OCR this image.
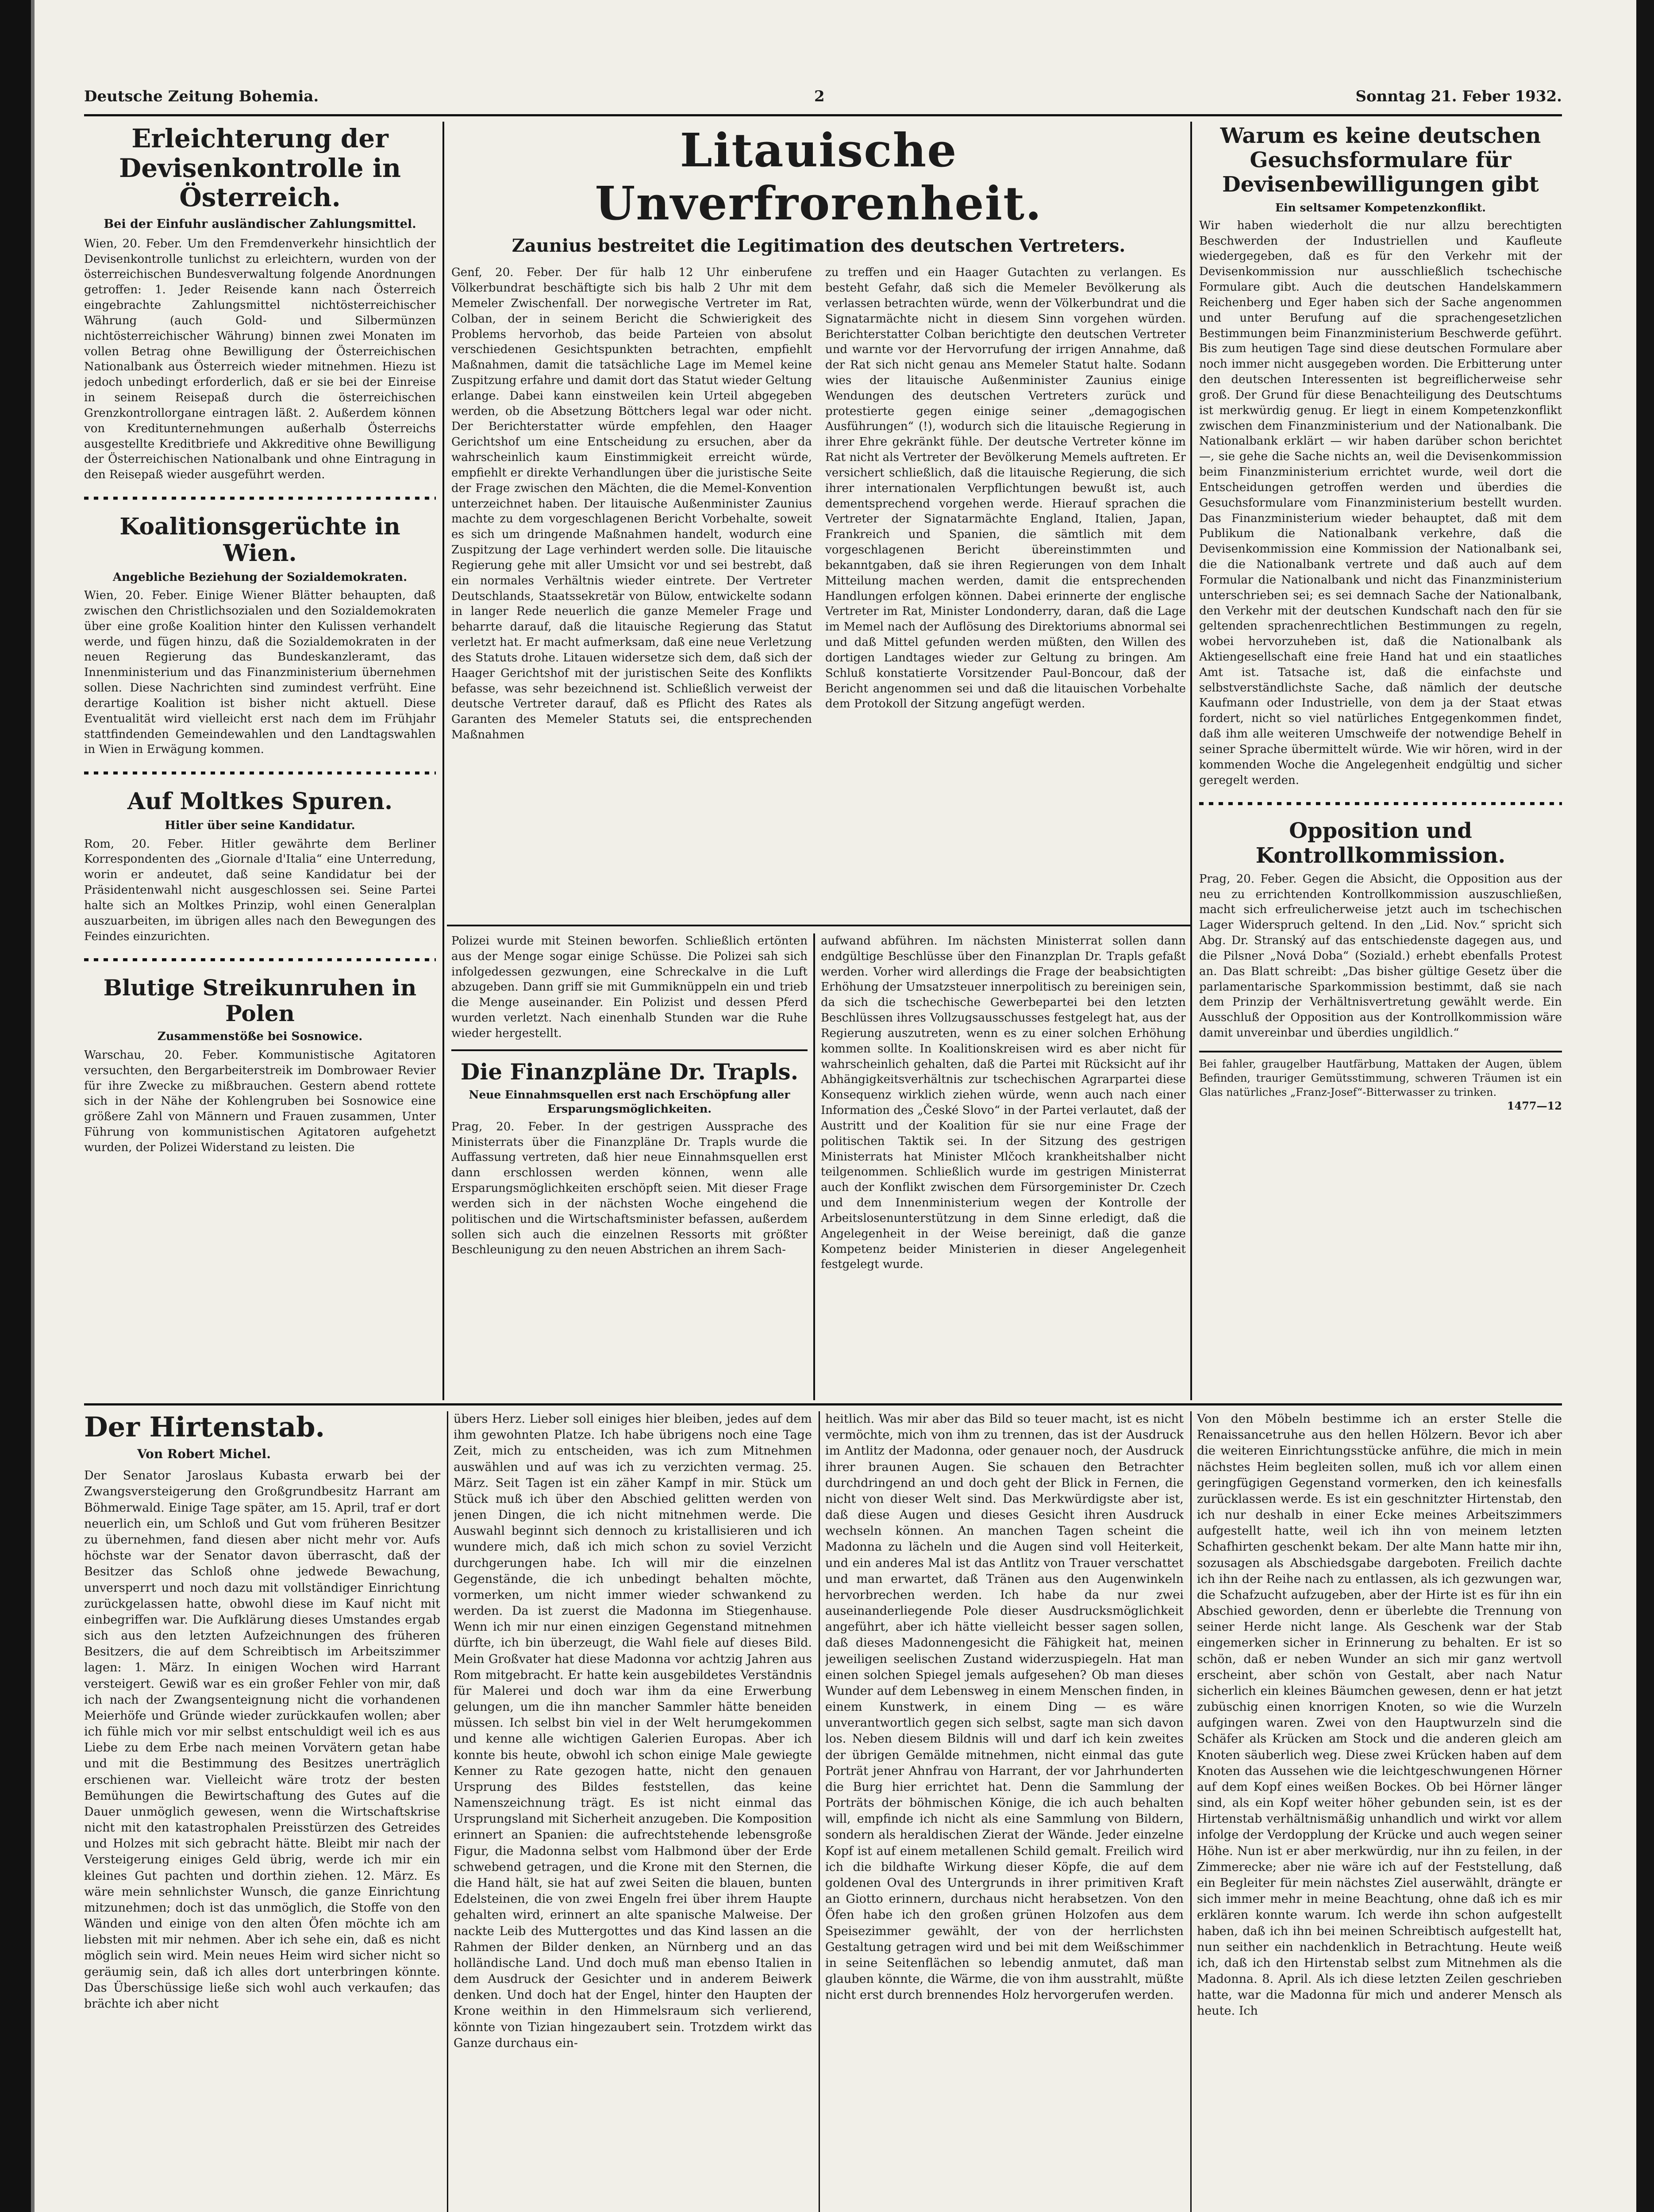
Deutsche Zeitung Bohemia.	2	Sonntag 21. Feber 1932.
Erleichterung der Devisenkontrolle in Österreich.
Bei der Einfuhr ausländischer Zahlungsmittel.

Wien, 20. Feber. Um den Fremdenverkehr hinsichtlich der Devisenkontrolle tunlichst zu erleichtern, wurden von der österreichischen Bundesverwaltung folgende Anordnungen getroffen: 1. Jeder Reisende kann nach Österreich eingebrachte Zahlungsmittel nichtösterreichischer Währung (auch Gold- und Silbermünzen nichtösterreichischer Währung) binnen zwei Monaten im vollen Betrag ohne Bewilligung der Österreichischen Nationalbank aus Österreich wieder mitnehmen. Hiezu ist jedoch unbedingt erforderlich, daß er sie bei der Einreise in seinem Reisepaß durch die österreichischen Grenzkontrollorgane eintragen läßt. 2. Außerdem können von Kreditunternehmungen außerhalb Österreichs ausgestellte Kreditbriefe und Akkreditive ohne Bewilligung der Österreichischen Nationalbank und ohne Eintragung in den Reisepaß wieder ausgeführt werden.

Koalitionsgerüchte in Wien.
Angebliche Beziehung der Sozialdemokraten.

Wien, 20. Feber. Einige Wiener Blätter behaupten, daß zwischen den Christlichsozialen und den Sozialdemokraten über eine große Koalition hinter den Kulissen verhandelt werde, und fügen hinzu, daß die Sozialdemokraten in der neuen Regierung das Bundeskanzleramt, das Innenministerium und das Finanzministerium übernehmen sollen. Diese Nachrichten sind zumindest verfrüht. Eine derartige Koalition ist bisher nicht aktuell. Diese Eventualität wird vielleicht erst nach dem im Frühjahr stattfindenden Gemeindewahlen und den Landtagswahlen in Wien in Erwägung kommen.

Auf Moltkes Spuren.
Hitler über seine Kandidatur.

Rom, 20. Feber. Hitler gewährte dem Berliner Korrespondenten des „Giornale d'Italia“ eine Unterredung, worin er andeutet, daß seine Kandidatur bei der Präsidentenwahl nicht ausgeschlossen sei. Seine Partei halte sich an Moltkes Prinzip, wohl einen Generalplan auszuarbeiten, im übrigen alles nach den Bewegungen des Feindes einzurichten.

Blutige Streikunruhen in Polen
Zusammenstöße bei Sosnowice.

Warschau, 20. Feber. Kommunistische Agitatoren versuchten, den Bergarbeiterstreik im Dombrowaer Revier für ihre Zwecke zu mißbrauchen. Gestern abend rottete sich in der Nähe der Kohlengruben bei Sosnowice eine größere Zahl von Männern und Frauen zusammen, Unter Führung von kommunistischen Agitatoren aufgehetzt wurden, der Polizei Widerstand zu leisten. Die

Litauische Unverfrorenheit.
Zaunius bestreitet die Legitimation des deutschen Vertreters.

Genf, 20. Feber. Der für halb 12 Uhr einberufene Völkerbundrat beschäftigte sich bis halb 2 Uhr mit dem Memeler Zwischenfall. Der norwegische Vertreter im Rat, Colban, der in seinem Bericht die Schwierigkeit des Problems hervorhob, das beide Parteien von absolut verschiedenen Gesichtspunkten betrachten, empfiehlt Maßnahmen, damit die tatsächliche Lage im Memel keine Zuspitzung erfahre und damit dort das Statut wieder Geltung erlange. Dabei kann einstweilen kein Urteil abgegeben werden, ob die Absetzung Böttchers legal war oder nicht. Der Berichterstatter würde empfehlen, den Haager Gerichtshof um eine Entscheidung zu ersuchen, aber da wahrscheinlich kaum Einstimmigkeit erreicht würde, empfiehlt er direkte Verhandlungen über die juristische Seite der Frage zwischen den Mächten, die die Memel-Konvention unterzeichnet haben. Der litauische Außenminister Zaunius machte zu dem vorgeschlagenen Bericht Vorbehalte, soweit es sich um dringende Maßnahmen handelt, wodurch eine Zuspitzung der Lage verhindert werden solle. Die litauische Regierung gehe mit aller Umsicht vor und sei bestrebt, daß ein normales Verhältnis wieder eintrete. Der Vertreter Deutschlands, Staatssekretär von Bülow, entwickelte sodann in langer Rede neuerlich die ganze Memeler Frage und beharrte darauf, daß die litauische Regierung das Statut verletzt hat. Er macht aufmerksam, daß eine neue Verletzung des Statuts drohe. Litauen widersetze sich dem, daß sich der Haager Gerichtshof mit der juristischen Seite des Konflikts befasse, was sehr bezeichnend ist. Schließlich verweist der deutsche Vertreter darauf, daß es Pflicht des Rates als Garanten des Memeler Statuts sei, die entsprechenden Maßnahmen

zu treffen und ein Haager Gutachten zu verlangen. Es besteht Gefahr, daß sich die Memeler Bevölkerung als verlassen betrachten würde, wenn der Völkerbundrat und die Signatarmächte nicht in diesem Sinn vorgehen würden. Berichterstatter Colban berichtigte den deutschen Vertreter und warnte vor der Hervorrufung der irrigen Annahme, daß der Rat sich nicht genau ans Memeler Statut halte. Sodann wies der litauische Außenminister Zaunius einige Wendungen des deutschen Vertreters zurück und protestierte gegen einige seiner „demagogischen Ausführungen“ (!), wodurch sich die litauische Regierung in ihrer Ehre gekränkt fühle. Der deutsche Vertreter könne im Rat nicht als Vertreter der Bevölkerung Memels auftreten. Er versichert schließlich, daß die litauische Regierung, die sich ihrer internationalen Verpflichtungen bewußt ist, auch dementsprechend vorgehen werde. Hierauf sprachen die Vertreter der Signatarmächte England, Italien, Japan, Frankreich und Spanien, die sämtlich mit dem vorgeschlagenen Bericht übereinstimmten und bekanntgaben, daß sie ihren Regierungen von dem Inhalt Mitteilung machen werden, damit die entsprechenden Handlungen erfolgen können. Dabei erinnerte der englische Vertreter im Rat, Minister Londonderry, daran, daß die Lage im Memel nach der Auflösung des Direktoriums abnormal sei und daß Mittel gefunden werden müßten, den Willen des dortigen Landtages wieder zur Geltung zu bringen. Am Schluß konstatierte Vorsitzender Paul-Boncour, daß der Bericht angenommen sei und daß die litauischen Vorbehalte dem Protokoll der Sitzung angefügt werden.

Polizei wurde mit Steinen beworfen. Schließlich ertönten aus der Menge sogar einige Schüsse. Die Polizei sah sich infolgedessen gezwungen, eine Schreckalve in die Luft abzugeben. Dann griff sie mit Gummiknüppeln ein und trieb die Menge auseinander. Ein Polizist und dessen Pferd wurden verletzt. Nach einenhalb Stunden war die Ruhe wieder hergestellt.

Die Finanzpläne Dr. Trapls.
Neue Einnahmsquellen erst nach Erschöpfung aller Ersparungsmöglichkeiten.

Prag, 20. Feber. In der gestrigen Aussprache des Ministerrats über die Finanzpläne Dr. Trapls wurde die Auffassung vertreten, daß hier neue Einnahmsquellen erst dann erschlossen werden können, wenn alle Ersparungsmöglichkeiten erschöpft seien. Mit dieser Frage werden sich in der nächsten Woche eingehend die politischen und die Wirtschaftsminister befassen, außerdem sollen sich auch die einzelnen Ressorts mit größter Beschleunigung zu den neuen Abstrichen an ihrem Sach-

aufwand abführen. Im nächsten Ministerrat sollen dann endgültige Beschlüsse über den Finanzplan Dr. Trapls gefaßt werden. Vorher wird allerdings die Frage der beabsichtigten Erhöhung der Umsatzsteuer innerpolitisch zu bereinigen sein, da sich die tschechische Gewerbepartei bei den letzten Beschlüssen ihres Vollzugsausschusses festgelegt hat, aus der Regierung auszutreten, wenn es zu einer solchen Erhöhung kommen sollte. In Koalitionskreisen wird es aber nicht für wahrscheinlich gehalten, daß die Partei mit Rücksicht auf ihr Abhängigkeitsverhältnis zur tschechischen Agrarpartei diese Konsequenz wirklich ziehen würde, wenn auch nach einer Information des „České Slovo“ in der Partei verlautet, daß der Austritt und der Koalition für sie nur eine Frage der politischen Taktik sei. In der Sitzung des gestrigen Ministerrats hat Minister Mlčoch krankheitshalber nicht teilgenommen. Schließlich wurde im gestrigen Ministerrat auch der Konflikt zwischen dem Fürsorgeminister Dr. Czech und dem Innenministerium wegen der Kontrolle der Arbeitslosenunterstützung in dem Sinne erledigt, daß die Angelegenheit in der Weise bereinigt, daß die ganze Kompetenz beider Ministerien in dieser Angelegenheit festgelegt wurde.

Warum es keine deutschen Gesuchsformulare für Devisenbewilligungen gibt
Ein seltsamer Kompetenzkonflikt.

Wir haben wiederholt die nur allzu berechtigten Beschwerden der Industriellen und Kaufleute wiedergegeben, daß es für den Verkehr mit der Devisenkommission nur ausschließlich tschechische Formulare gibt. Auch die deutschen Handelskammern Reichenberg und Eger haben sich der Sache angenommen und unter Berufung auf die sprachengesetzlichen Bestimmungen beim Finanzministerium Beschwerde geführt. Bis zum heutigen Tage sind diese deutschen Formulare aber noch immer nicht ausgegeben worden. Die Erbitterung unter den deutschen Interessenten ist begreiflicherweise sehr groß. Der Grund für diese Benachteiligung des Deutschtums ist merkwürdig genug. Er liegt in einem Kompetenzkonflikt zwischen dem Finanzministerium und der Nationalbank. Die Nationalbank erklärt — wir haben darüber schon berichtet —, sie gehe die Sache nichts an, weil die Devisenkommission beim Finanzministerium errichtet wurde, weil dort die Entscheidungen getroffen werden und überdies die Gesuchsformulare vom Finanzministerium bestellt wurden. Das Finanzministerium wieder behauptet, daß mit dem Publikum die Nationalbank verkehre, daß die Devisenkommission eine Kommission der Nationalbank sei, die die Nationalbank vertrete und daß auch auf dem Formular die Nationalbank und nicht das Finanzministerium unterschrieben sei; es sei demnach Sache der Nationalbank, den Verkehr mit der deutschen Kundschaft nach den für sie geltenden sprachenrechtlichen Bestimmungen zu regeln, wobei hervorzuheben ist, daß die Nationalbank als Aktiengesellschaft eine freie Hand hat und ein staatliches Amt ist. Tatsache ist, daß die einfachste und selbstverständlichste Sache, daß nämlich der deutsche Kaufmann oder Industrielle, von dem ja der Staat etwas fordert, nicht so viel natürliches Entgegenkommen findet, daß ihm alle weiteren Umschweife der notwendige Behelf in seiner Sprache übermittelt würde. Wie wir hören, wird in der kommenden Woche die Angelegenheit endgültig und sicher geregelt werden.

Opposition und Kontrollkommission.

Prag, 20. Feber. Gegen die Absicht, die Opposition aus der neu zu errichtenden Kontrollkommission auszuschließen, macht sich erfreulicherweise jetzt auch im tschechischen Lager Widerspruch geltend. In den „Lid. Nov.“ spricht sich Abg. Dr. Stranský auf das entschiedenste dagegen aus, und die Pilsner „Nová Doba“ (Soziald.) erhebt ebenfalls Protest an. Das Blatt schreibt: „Das bisher gültige Gesetz über die parlamentarische Sparkommission bestimmt, daß sie nach dem Prinzip der Verhältnisvertretung gewählt werde. Ein Ausschluß der Opposition aus der Kontrollkommission wäre damit unvereinbar und überdies ungildlich.“

Bei fahler, graugelber Hautfärbung, Mattaken der Augen, üblem Befinden, trauriger Gemütsstimmung, schweren Träumen ist ein Glas natürliches „Franz-Josef“-Bitterwasser zu trinken.

1477—12
Der Hirtenstab.
Von Robert Michel.

Der Senator Jaroslaus Kubasta erwarb bei der Zwangsversteigerung den Großgrundbesitz Harrant am Böhmerwald. Einige Tage später, am 15. April, traf er dort neuerlich ein, um Schloß und Gut vom früheren Besitzer zu übernehmen, fand diesen aber nicht mehr vor. Aufs höchste war der Senator davon überrascht, daß der Besitzer das Schloß ohne jedwede Bewachung, unversperrt und noch dazu mit vollständiger Einrichtung zurückgelassen hatte, obwohl diese im Kauf nicht mit einbegriffen war. Die Aufklärung dieses Umstandes ergab sich aus den letzten Aufzeichnungen des früheren Besitzers, die auf dem Schreibtisch im Arbeitszimmer lagen: 1. März. In einigen Wochen wird Harrant versteigert. Gewiß war es ein großer Fehler von mir, daß ich nach der Zwangsenteignung nicht die vorhandenen Meierhöfe und Gründe wieder zurückkaufen wollen; aber ich fühle mich vor mir selbst entschuldigt weil ich es aus Liebe zu dem Erbe nach meinen Vorvätern getan habe und mit die Bestimmung des Besitzes unerträglich erschienen war. Vielleicht wäre trotz der besten Bemühungen die Bewirtschaftung des Gutes auf die Dauer unmöglich gewesen, wenn die Wirtschaftskrise nicht mit den katastrophalen Preisstürzen des Getreides und Holzes mit sich gebracht hätte. Bleibt mir nach der Versteigerung einiges Geld übrig, werde ich mir ein kleines Gut pachten und dorthin ziehen. 12. März. Es wäre mein sehnlichster Wunsch, die ganze Einrichtung mitzunehmen; doch ist das unmöglich, die Stoffe von den Wänden und einige von den alten Öfen möchte ich am liebsten mit mir nehmen. Aber ich sehe ein, daß es nicht möglich sein wird. Mein neues Heim wird sicher nicht so geräumig sein, daß ich alles dort unterbringen könnte. Das Überschüssige ließe sich wohl auch verkaufen; das brächte ich aber nicht

übers Herz. Lieber soll einiges hier bleiben, jedes auf dem ihm gewohnten Platze. Ich habe übrigens noch eine Tage Zeit, mich zu entscheiden, was ich zum Mitnehmen auswählen und auf was ich zu verzichten vermag. 25. März. Seit Tagen ist ein zäher Kampf in mir. Stück um Stück muß ich über den Abschied gelitten werden von jenen Dingen, die ich nicht mitnehmen werde. Die Auswahl beginnt sich dennoch zu kristallisieren und ich wundere mich, daß ich mich schon zu soviel Verzicht durchgerungen habe. Ich will mir die einzelnen Gegenstände, die ich unbedingt behalten möchte, vormerken, um nicht immer wieder schwankend zu werden. Da ist zuerst die Madonna im Stiegenhause. Wenn ich mir nur einen einzigen Gegenstand mitnehmen dürfte, ich bin überzeugt, die Wahl fiele auf dieses Bild. Mein Großvater hat diese Madonna vor achtzig Jahren aus Rom mitgebracht. Er hatte kein ausgebildetes Verständnis für Malerei und doch war ihm da eine Erwerbung gelungen, um die ihn mancher Sammler hätte beneiden müssen. Ich selbst bin viel in der Welt herumgekommen und kenne alle wichtigen Galerien Europas. Aber ich konnte bis heute, obwohl ich schon einige Male gewiegte Kenner zu Rate gezogen hatte, nicht den genauen Ursprung des Bildes feststellen, das keine Namenszeichnung trägt. Es ist nicht einmal das Ursprungsland mit Sicherheit anzugeben. Die Komposition erinnert an Spanien: die aufrechtstehende lebensgroße Figur, die Madonna selbst vom Halbmond über der Erde schwebend getragen, und die Krone mit den Sternen, die die Hand hält, sie hat auf zwei Seiten die blauen, bunten Edelsteinen, die von zwei Engeln frei über ihrem Haupte gehalten wird, erinnert an alte spanische Malweise. Der nackte Leib des Muttergottes und das Kind lassen an die Rahmen der Bilder denken, an Nürnberg und an das holländische Land. Und doch muß man ebenso Italien in dem Ausdruck der Gesichter und in anderem Beiwerk denken. Und doch hat der Engel, hinter den Haupten der Krone weithin in den Himmelsraum sich verlierend, könnte von Tizian hingezaubert sein. Trotzdem wirkt das Ganze durchaus ein-

heitlich. Was mir aber das Bild so teuer macht, ist es nicht vermöchte, mich von ihm zu trennen, das ist der Ausdruck im Antlitz der Madonna, oder genauer noch, der Ausdruck ihrer braunen Augen. Sie schauen den Betrachter durchdringend an und doch geht der Blick in Fernen, die nicht von dieser Welt sind. Das Merkwürdigste aber ist, daß diese Augen und dieses Gesicht ihren Ausdruck wechseln können. An manchen Tagen scheint die Madonna zu lächeln und die Augen sind voll Heiterkeit, und ein anderes Mal ist das Antlitz von Trauer verschattet und man erwartet, daß Tränen aus den Augenwinkeln hervorbrechen werden. Ich habe da nur zwei auseinanderliegende Pole dieser Ausdrucksmöglichkeit angeführt, aber ich hätte vielleicht besser sagen sollen, daß dieses Madonnengesicht die Fähigkeit hat, meinen jeweiligen seelischen Zustand widerzuspiegeln. Hat man einen solchen Spiegel jemals aufgesehen? Ob man dieses Wunder auf dem Lebensweg in einem Menschen finden, in einem Kunstwerk, in einem Ding — es wäre unverantwortlich gegen sich selbst, sagte man sich davon los. Neben diesem Bildnis will und darf ich kein zweites der übrigen Gemälde mitnehmen, nicht einmal das gute Porträt jener Ahnfrau von Harrant, der vor Jahrhunderten die Burg hier errichtet hat. Denn die Sammlung der Porträts der böhmischen Könige, die ich auch behalten will, empfinde ich nicht als eine Sammlung von Bildern, sondern als heraldischen Zierat der Wände. Jeder einzelne Kopf ist auf einem metallenen Schild gemalt. Freilich wird ich die bildhafte Wirkung dieser Köpfe, die auf dem goldenen Oval des Untergrunds in ihrer primitiven Kraft an Giotto erinnern, durchaus nicht herabsetzen. Von den Öfen habe ich den großen grünen Holzofen aus dem Speisezimmer gewählt, der von der herrlichsten Gestaltung getragen wird und bei mit dem Weißschimmer in seine Seitenflächen so lebendig anmutet, daß man glauben könnte, die Wärme, die von ihm ausstrahlt, müßte nicht erst durch brennendes Holz hervorgerufen werden.

Von den Möbeln bestimme ich an erster Stelle die Renaissancetruhe aus den hellen Hölzern. Bevor ich aber die weiteren Einrichtungsstücke anführe, die mich in mein nächstes Heim begleiten sollen, muß ich vor allem einen geringfügigen Gegenstand vormerken, den ich keinesfalls zurücklassen werde. Es ist ein geschnitzter Hirtenstab, den ich nur deshalb in einer Ecke meines Arbeitszimmers aufgestellt hatte, weil ich ihn von meinem letzten Schafhirten geschenkt bekam. Der alte Mann hatte mir ihn, sozusagen als Abschiedsgabe dargeboten. Freilich dachte ich ihn der Reihe nach zu entlassen, als ich gezwungen war, die Schafzucht aufzugeben, aber der Hirte ist es für ihn ein Abschied geworden, denn er überlebte die Trennung von seiner Herde nicht lange. Als Geschenk war der Stab eingemerken sicher in Erinnerung zu behalten. Er ist so schön, daß er neben Wunder an sich mir ganz wertvoll erscheint, aber schön von Gestalt, aber nach Natur sicherlich ein kleines Bäumchen gewesen, denn er hat jetzt zubüschig einen knorrigen Knoten, so wie die Wurzeln aufgingen waren. Zwei von den Hauptwurzeln sind die Schäfer als Krücken am Stock und die anderen gleich am Knoten säuberlich weg. Diese zwei Krücken haben auf dem Knoten das Aussehen wie die leichtgeschwungenen Hörner auf dem Kopf eines weißen Bockes. Ob bei Hörner länger sind, als ein Kopf weiter höher gebunden sein, ist es der Hirtenstab verhältnismäßig unhandlich und wirkt vor allem infolge der Verdopplung der Krücke und auch wegen seiner Höhe. Nun ist er aber merkwürdig, nur ihn zu feilen, in der Zimmerecke; aber nie wäre ich auf der Feststellung, daß ein Begleiter für mein nächstes Ziel auserwählt, drängte er sich immer mehr in meine Beachtung, ohne daß ich es mir erklären konnte warum. Ich werde ihn schon aufgestellt haben, daß ich ihn bei meinen Schreibtisch aufgestellt hat, nun seither ein nachdenklich in Betrachtung. Heute weiß ich, daß ich den Hirtenstab selbst zum Mitnehmen als die Madonna. 8. April. Als ich diese letzten Zeilen geschrieben hatte, war die Madonna für mich und anderer Mensch als heute. Ich
